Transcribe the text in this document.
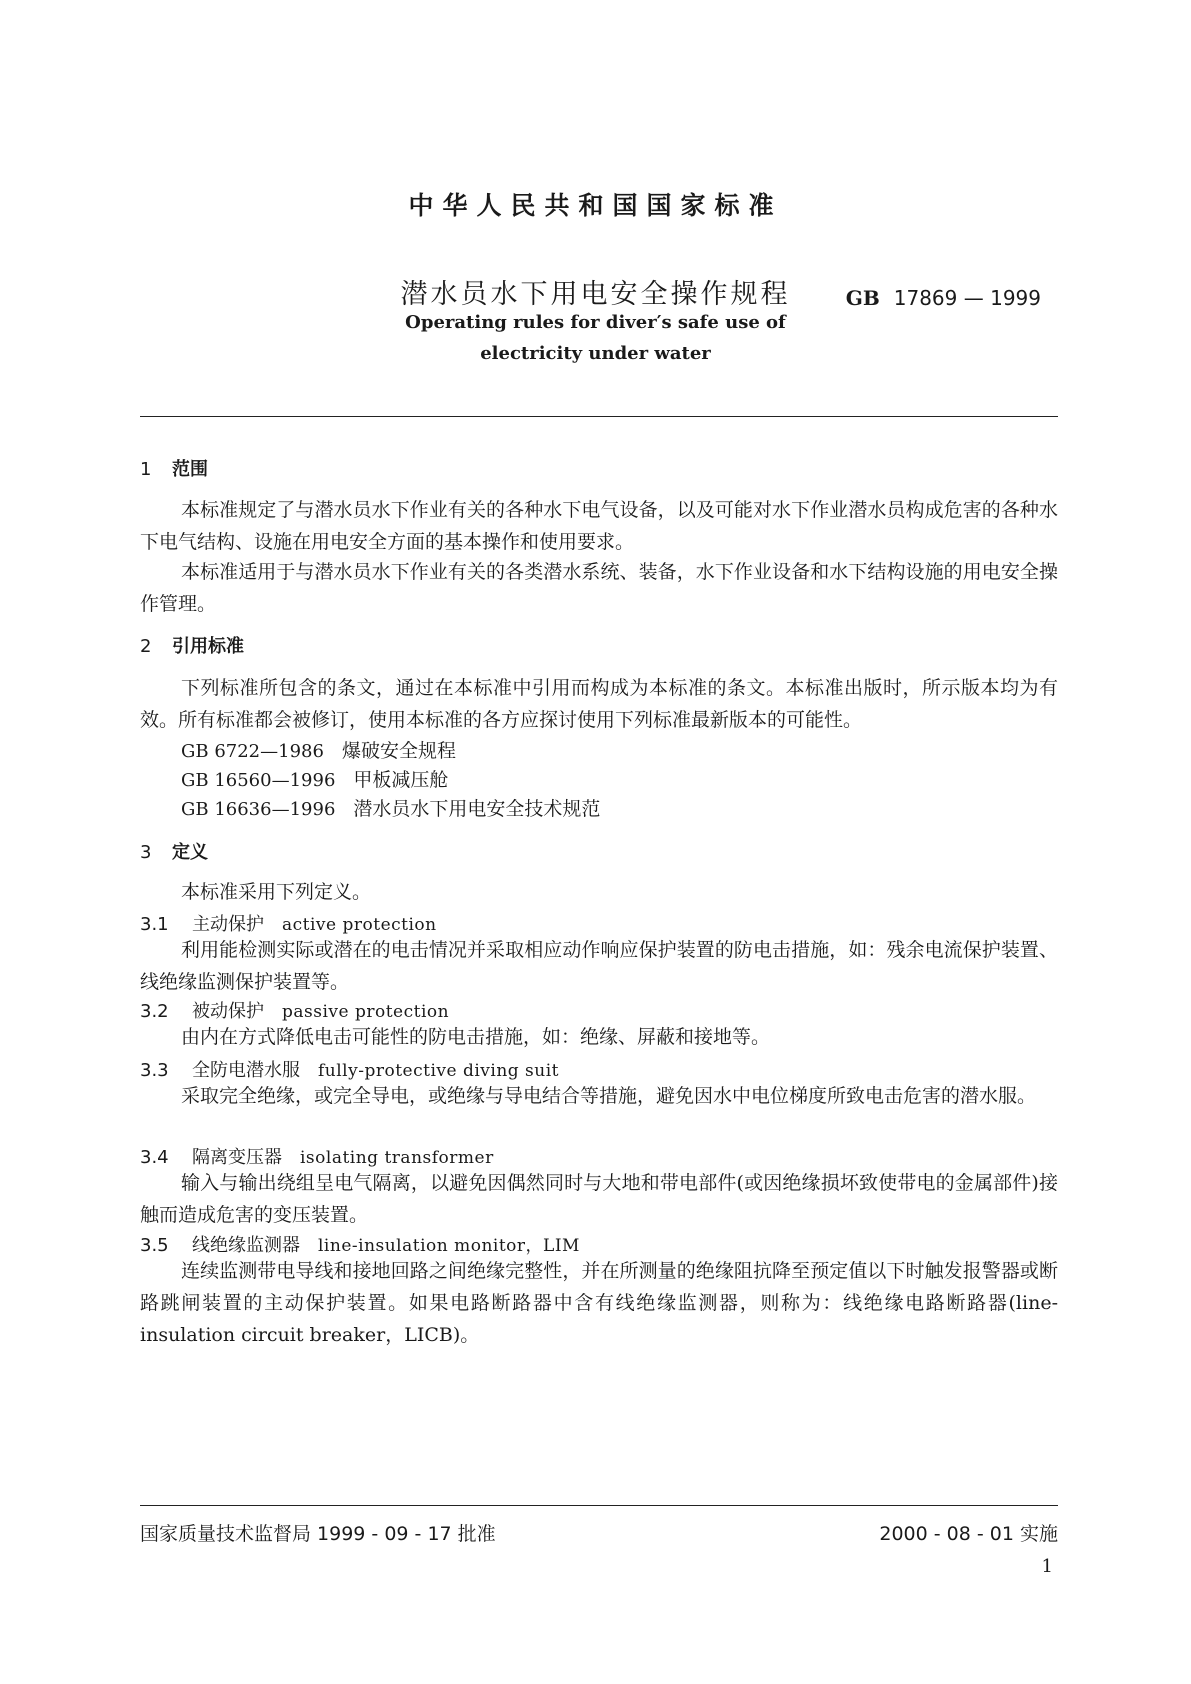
中华人民共和国国家标准
潜水员水下用电安全操作规程	GB 17869 — 1999
Operating rules for diver′s safe use of
electricity under water
1 范围
本标准规定了与潜水员水下作业有关的各种水下电气设备，以及可能对水下作业潜水员构成危害的各种水下电气结构、设施在用电安全方面的基本操作和使用要求。
本标准适用于与潜水员水下作业有关的各类潜水系统、装备，水下作业设备和水下结构设施的用电安全操作管理。
2 引用标准
下列标准所包含的条文，通过在本标准中引用而构成为本标准的条文。本标准出版时，所示版本均为有效。所有标准都会被修订，使用本标准的各方应探讨使用下列标准最新版本的可能性。
GB 6722—1986 爆破安全规程
GB 16560—1996 甲板减压舱
GB 16636—1996 潜水员水下用电安全技术规范
3 定义
本标准采用下列定义。
3.1 主动保护 active protection
利用能检测实际或潜在的电击情况并采取相应动作响应保护装置的防电击措施，如：残余电流保护装置、线绝缘监测保护装置等。
3.2 被动保护 passive protection
由内在方式降低电击可能性的防电击措施，如：绝缘、屏蔽和接地等。
3.3 全防电潜水服 fully-protective diving suit
采取完全绝缘，或完全导电，或绝缘与导电结合等措施，避免因水中电位梯度所致电击危害的潜水服。
3.4 隔离变压器 isolating transformer
输入与输出绕组呈电气隔离，以避免因偶然同时与大地和带电部件(或因绝缘损坏致使带电的金属部件)接触而造成危害的变压装置。
3.5 线绝缘监测器 line-insulation monitor，LIM
连续监测带电导线和接地回路之间绝缘完整性，并在所测量的绝缘阻抗降至预定值以下时触发报警器或断路跳闸装置的主动保护装置。如果电路断路器中含有线绝缘监测器，则称为：线绝缘电路断路器(line-insulation circuit breaker，LICB)。
国家质量技术监督局 1999 - 09 - 17 批准	2000 - 08 - 01 实施
1
